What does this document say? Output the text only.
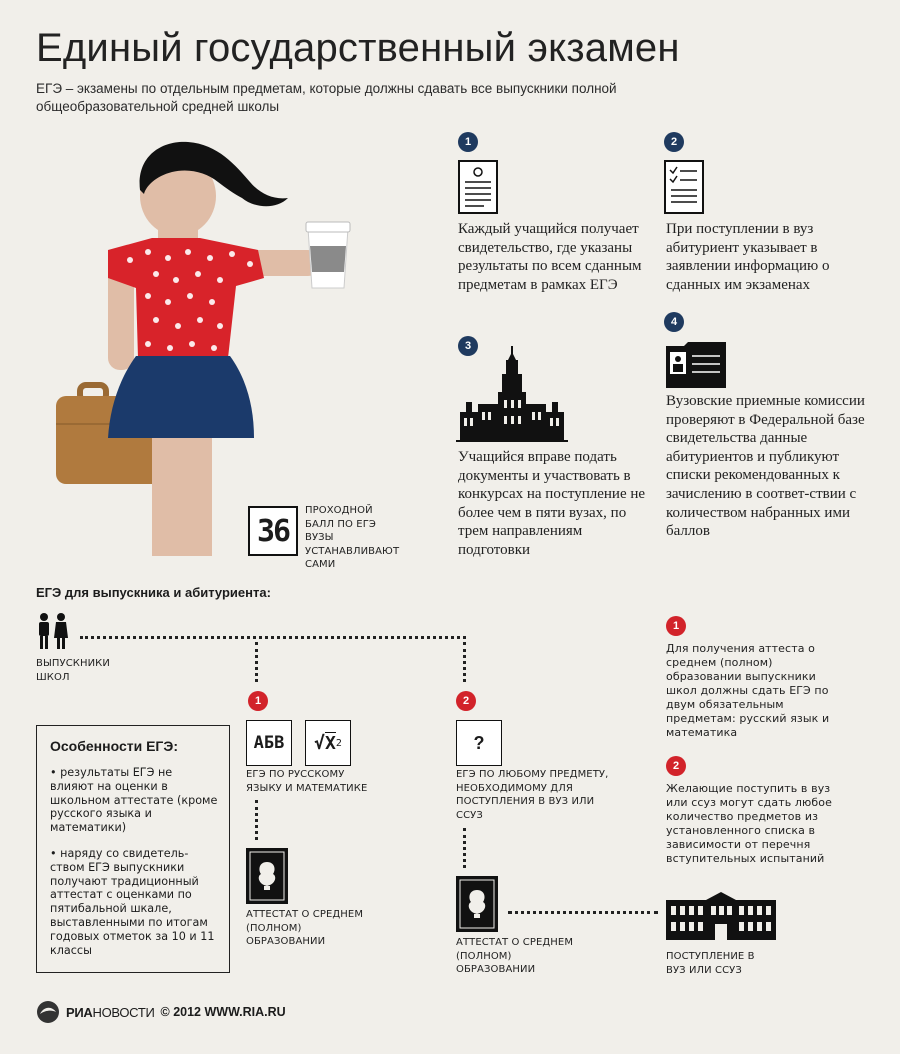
Единый государственный экзамен
ЕГЭ – экзамены по отдельным предметам, которые должны сдавать все выпускники полной общеобразовательной средней школы
36
ПРОХОДНОЙ БАЛЛ ПО ЕГЭ ВУЗЫ УСТАНАВЛИВАЮТ САМИ
1
Каждый учащийся получает свидетельство, где указаны результаты по всем сданным предметам в рамках ЕГЭ
2
При поступлении в вуз абитуриент указывает в заявлении информацию о сданных им экзаменах
3
Учащийся вправе подать документы и участвовать в конкурсах на поступление не более чем в пяти вузах, по трем направлениям подготовки
4
Вузовские приемные комиссии проверяют в Федеральной базе свидетельства данные абитуриентов и публикуют списки рекомендованных к зачислению в соответ-ствии с количеством набранных ими баллов
ЕГЭ для выпускника и абитуриента:
ВЫПУСКНИКИ ШКОЛ
1	2
АБВ	√ X 2
ЕГЭ ПО РУССКОМУ ЯЗЫКУ И МАТЕМАТИКЕ
?
ЕГЭ ПО ЛЮБОМУ ПРЕДМЕТУ, НЕОБХОДИМОМУ ДЛЯ ПОСТУПЛЕНИЯ В ВУЗ ИЛИ ССУЗ
АТТЕСТАТ О СРЕДНЕМ (ПОЛНОМ) ОБРАЗОВАНИИ	АТТЕСТАТ О СРЕДНЕМ (ПОЛНОМ) ОБРАЗОВАНИИ
ПОСТУПЛЕНИЕ В ВУЗ ИЛИ ССУЗ
Особенности ЕГЭ:
• результаты ЕГЭ не влияют на оценки в школьном аттестате (кроме русского языка и математики)
• наряду со свидетель-ством ЕГЭ выпускники получают традиционный аттестат с оценками по пятибальной шкале, выставленными по итогам годовых отметок за 10 и 11 классы
1
Для получения аттеста о среднем (полном) образовании выпускники школ должны сдать ЕГЭ по двум обязательным предметам: русский язык и математика
2
Желающие поступить в вуз или ссуз могут сдать любое количество предметов из установленного списка в зависимости от перечня вступительных испытаний
РИАНОВОСТИ © 2012 WWW.RIA.RU
